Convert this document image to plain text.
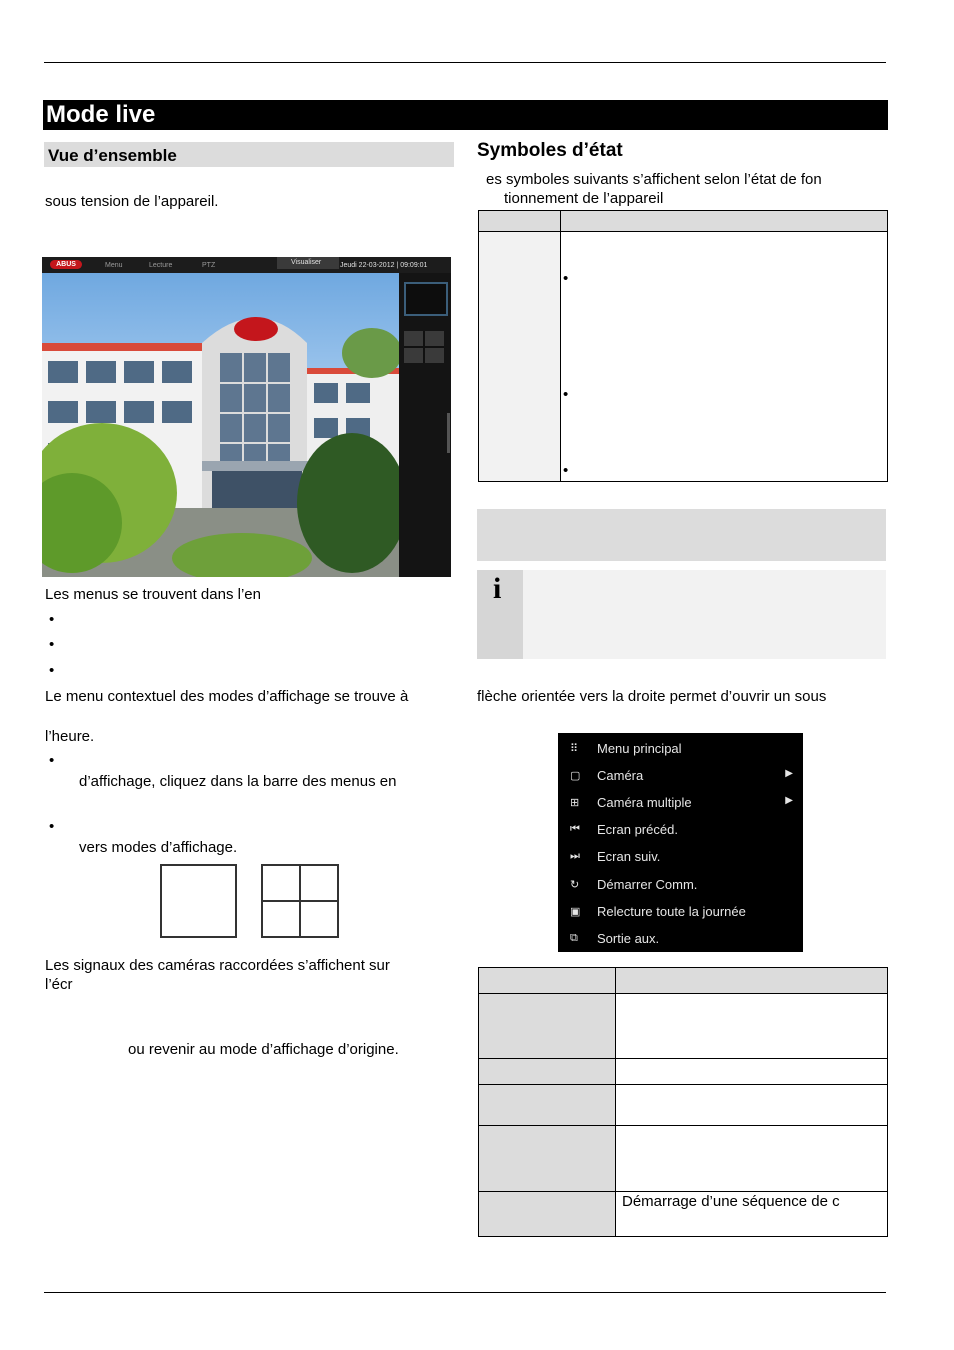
Mode live
Vue d’ensemble
sous tension de l’appareil.
ABUS	Menu	Lecture	PTZ	Visualiser	Jeudi 22-03-2012 | 09:09:01
Les menus se trouvent dans l’en
•
•
•
Le menu contextuel des modes d’affichage se trouve à
l’heure.
•
d’affichage, cliquez dans la barre des menus en
•
vers modes d’affichage.
Les signaux des caméras raccordées s’affichent sur
l’écr
ou revenir au mode d’affichage d’origine.
Symboles d’état
es symboles suivants s’affichent selon l’état de fon
tionnement de l’appareil

•
•
•
i
flèche orientée vers la droite permet d’ouvrir un sous
⠿	Menu principal
▢ Caméra	▶
⊞	Caméra multiple	▶
⏮	Ecran précéd.
⏭	Ecran suiv.
↻	Démarrer Comm.
▣ Relecture toute la journée
⧉	Sortie aux.

	Démarrage d’une séquence de c
